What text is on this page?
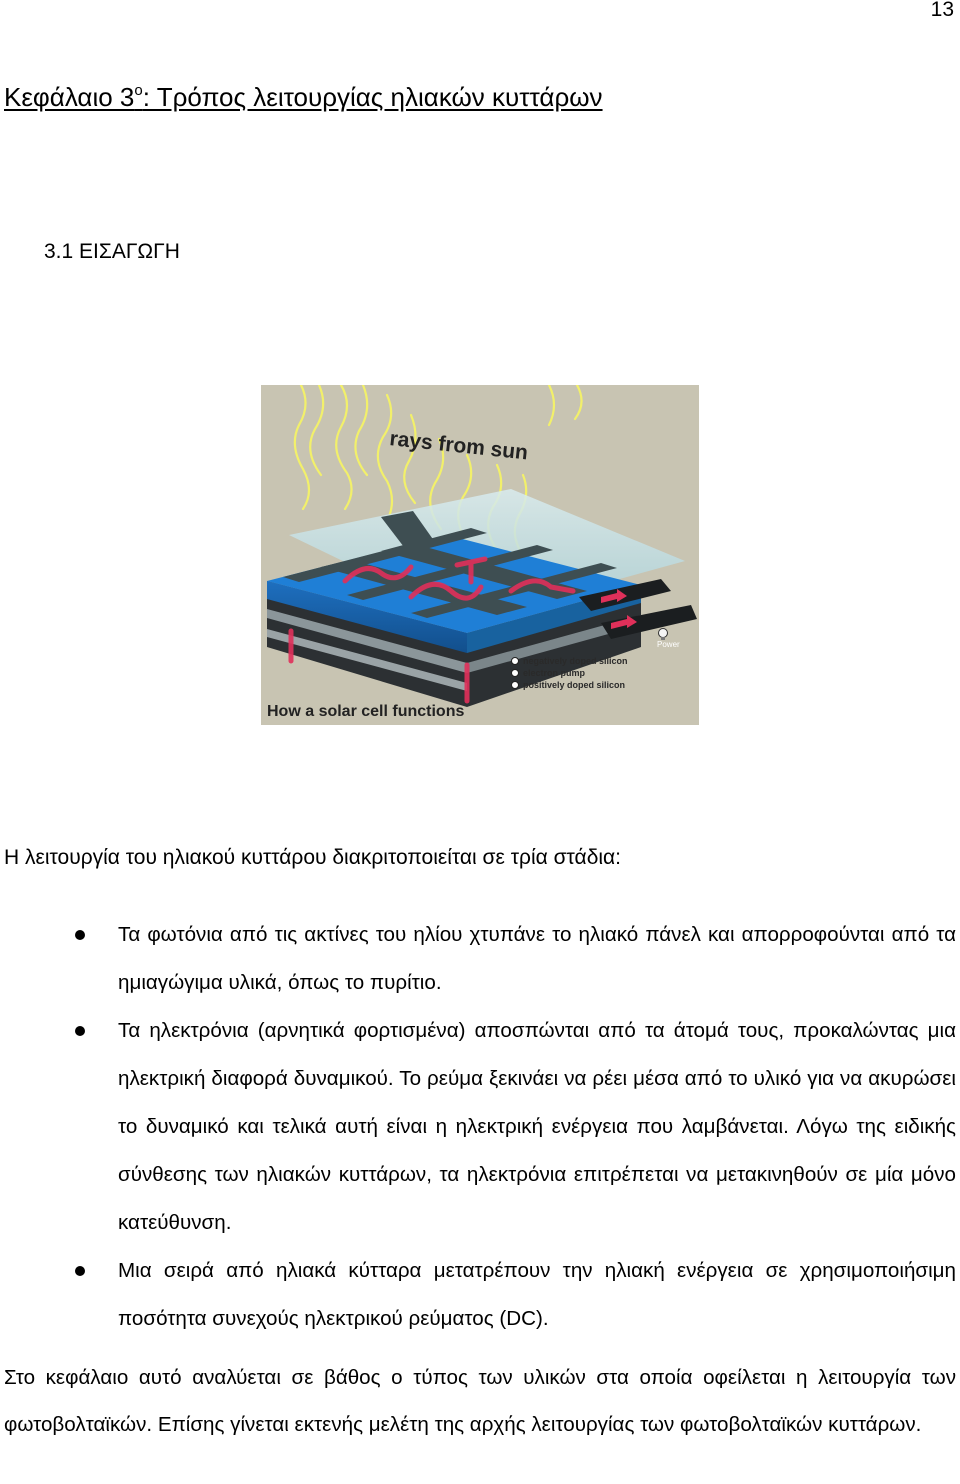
13
Κεφάλαιο $3^o$: Τρόπος λειτουργίας ηλιακών κυττάρων
3.1 ΕΙΣΑΓΩΓΗ
Power
negatively doped silicon
electron pump
positively doped silicon
rays from sun
How a solar cell functions

Η λειτουργία του ηλιακού κυττάρου διακριτοποιείται σε τρία στάδια:

Τα φωτόνια από τις ακτίνες του ηλίου χτυπάνε το ηλιακό πάνελ και απορροφούνται από τα ημιαγώγιμα υλικά, όπως το πυρίτιο.
Τα ηλεκτρόνια (αρνητικά φορτισμένα) αποσπώνται από τα άτομά τους, προκαλώντας μια ηλεκτρική διαφορά δυναμικού. Το ρεύμα ξεκινάει να ρέει μέσα από το υλικό για να ακυρώσει το δυναμικό και τελικά αυτή είναι η ηλεκτρική ενέργεια που λαμβάνεται. Λόγω της ειδικής σύνθεσης των ηλιακών κυττάρων, τα ηλεκτρόνια επιτρέπεται να μετακινηθούν σε μία μόνο κατεύθυνση.
Μια σειρά από ηλιακά κύτταρα μετατρέπουν την ηλιακή ενέργεια σε χρησιμοποιήσιμη ποσότητα συνεχούς ηλεκτρικού ρεύματος (DC).

Στο κεφάλαιο αυτό αναλύεται σε βάθος ο τύπος των υλικών στα οποία οφείλεται η λειτουργία των φωτοβολταϊκών. Επίσης γίνεται εκτενής μελέτη της αρχής λειτουργίας των φωτοβολταϊκών κυττάρων.
